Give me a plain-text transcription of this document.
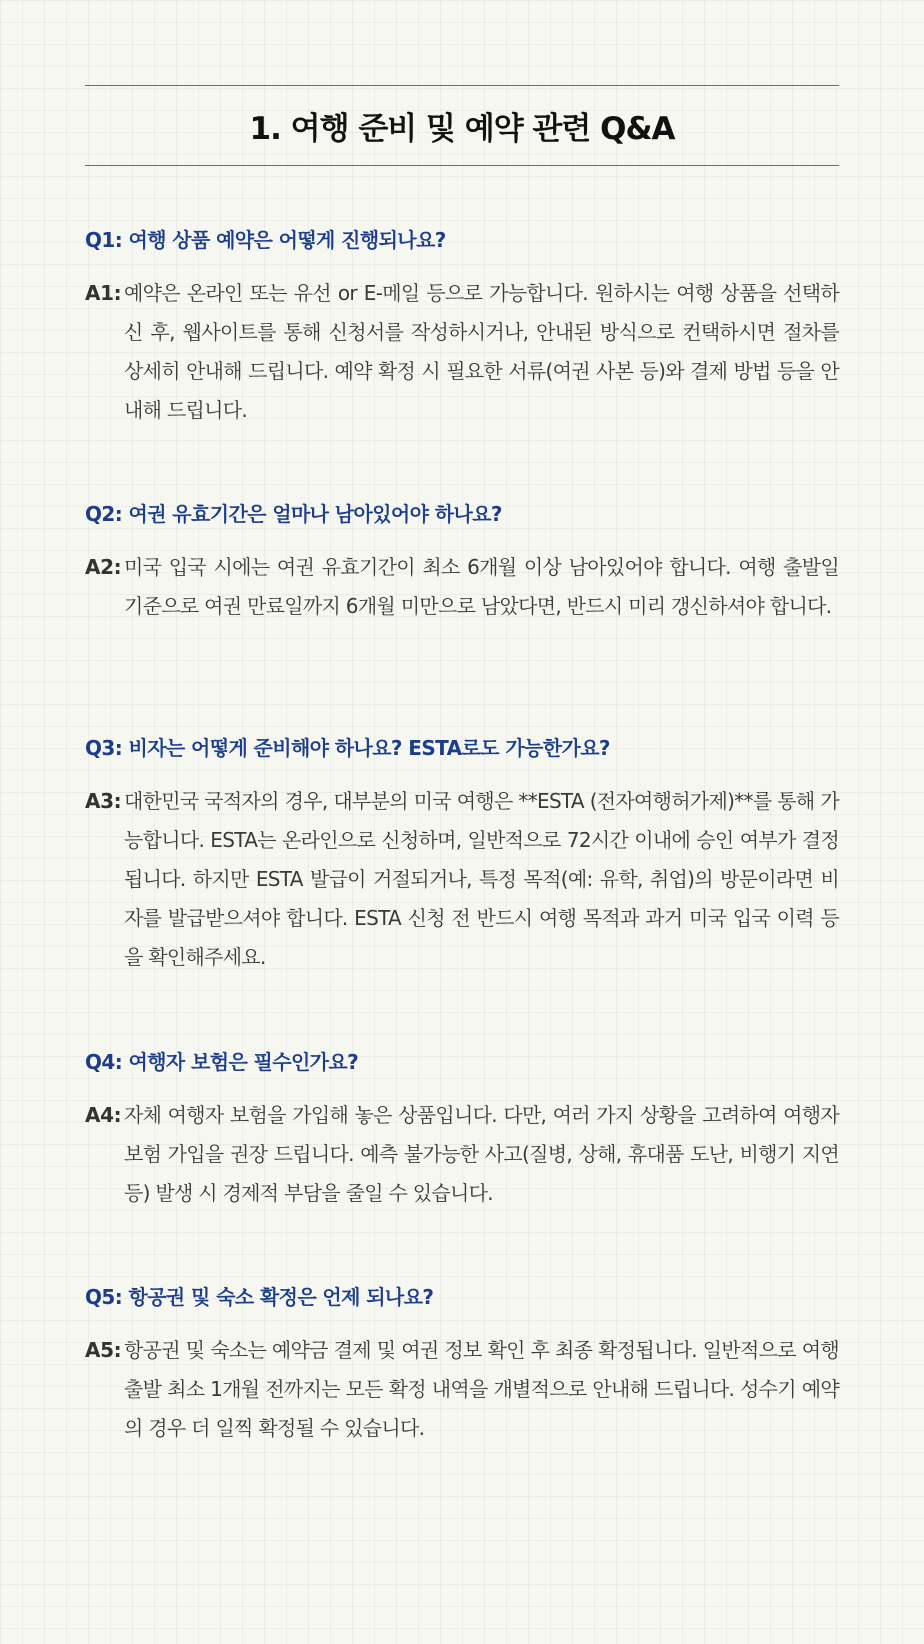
1. 여행 준비 및 예약 관련 Q&A

Q1: 여행 상품 예약은 어떻게 진행되나요?

A1: 예약은 온라인 또는 유선 or E-메일 등으로 가능합니다. 원하시는 여행 상품을 선택하신 후, 웹사이트를 통해 신청서를 작성하시거나, 안내된 방식으로 컨택하시면 절차를 상세히 안내해 드립니다. 예약 확정 시 필요한 서류(여권 사본 등)와 결제 방법 등을 안내해 드립니다.

Q2: 여권 유효기간은 얼마나 남아있어야 하나요?

A2: 미국 입국 시에는 여권 유효기간이 최소 6개월 이상 남아있어야 합니다. 여행 출발일 기준으로 여권 만료일까지 6개월 미만으로 남았다면, 반드시 미리 갱신하셔야 합니다.

Q3: 비자는 어떻게 준비해야 하나요? ESTA로도 가능한가요?

A3: 대한민국 국적자의 경우, 대부분의 미국 여행은 **ESTA (전자여행허가제)**를 통해 가능합니다. ESTA는 온라인으로 신청하며, 일반적으로 72시간 이내에 승인 여부가 결정됩니다. 하지만 ESTA 발급이 거절되거나, 특정 목적(예: 유학, 취업)의 방문이라면 비자를 발급받으셔야 합니다. ESTA 신청 전 반드시 여행 목적과 과거 미국 입국 이력 등을 확인해주세요.

Q4: 여행자 보험은 필수인가요?

A4: 자체 여행자 보험을 가입해 놓은 상품입니다. 다만, 여러 가지 상황을 고려하여 여행자 보험 가입을 권장 드립니다. 예측 불가능한 사고(질병, 상해, 휴대품 도난, 비행기 지연 등) 발생 시 경제적 부담을 줄일 수 있습니다.

Q5: 항공권 및 숙소 확정은 언제 되나요?

A5: 항공권 및 숙소는 예약금 결제 및 여권 정보 확인 후 최종 확정됩니다. 일반적으로 여행 출발 최소 1개월 전까지는 모든 확정 내역을 개별적으로 안내해 드립니다. 성수기 예약의 경우 더 일찍 확정될 수 있습니다.
